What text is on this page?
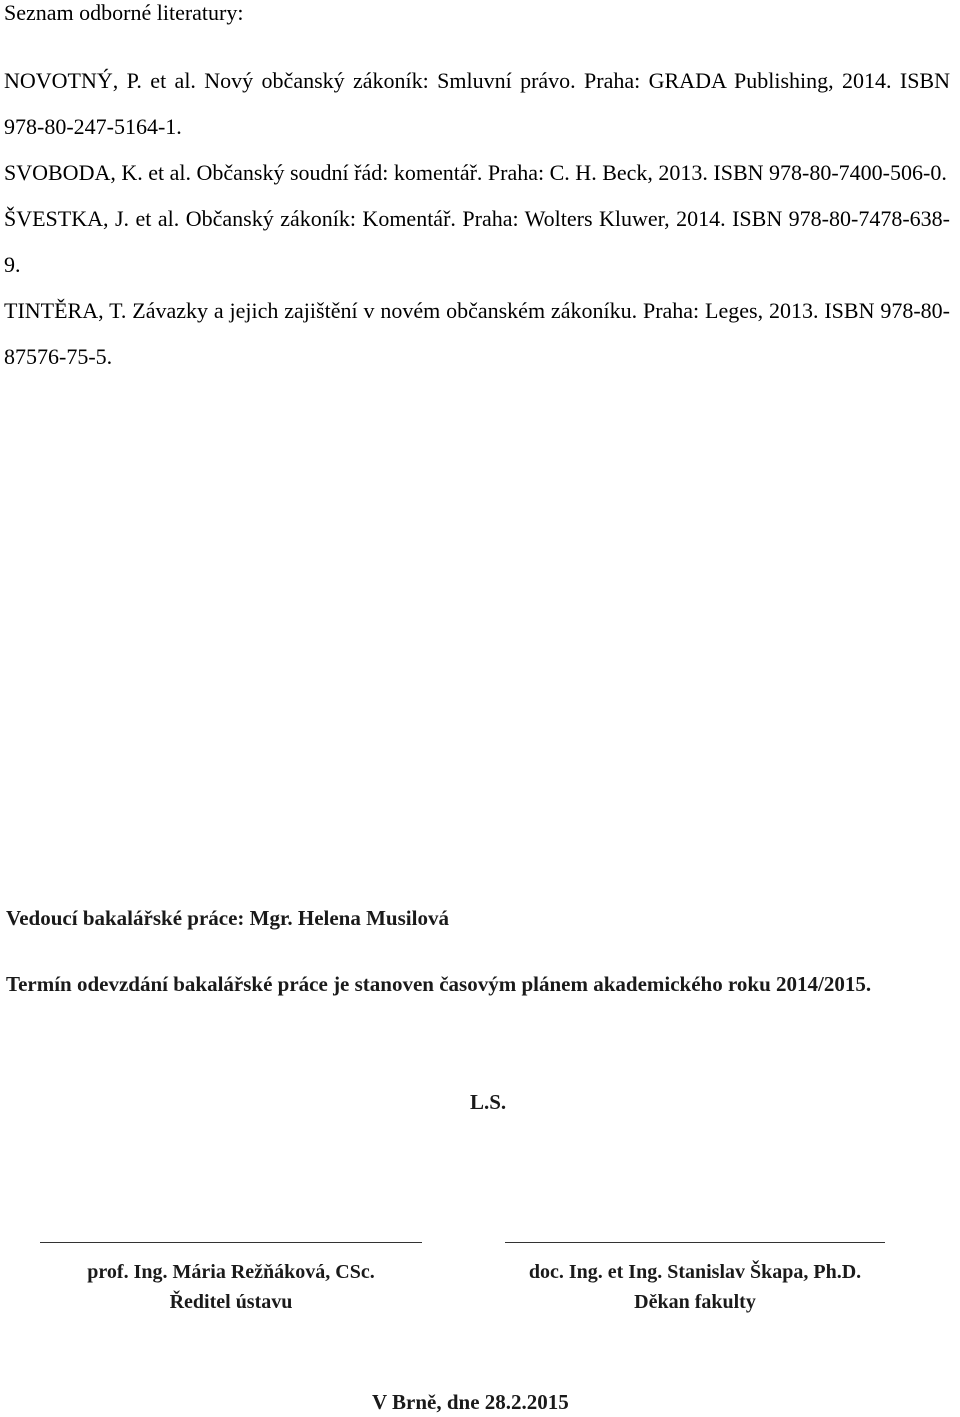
Seznam odborné literatury:

NOVOTNÝ, P. et al. Nový občanský zákoník: Smluvní právo. Praha: GRADA Publishing, 2014. ISBN 978-80-247-5164-1.

SVOBODA, K. et al. Občanský soudní řád: komentář. Praha: C. H. Beck, 2013. ISBN 978-80-7400-506-0.

ŠVESTKA, J. et al. Občanský zákoník: Komentář. Praha: Wolters Kluwer, 2014. ISBN 978-80-7478-638-9.

TINTĚRA, T. Závazky a jejich zajištění v novém občanském zákoníku. Praha: Leges, 2013. ISBN 978-80-87576-75-5.

Vedoucí bakalářské práce: Mgr. Helena Musilová
Termín odevzdání bakalářské práce je stanoven časovým plánem akademického roku 2014/2015.
L.S.
prof. Ing. Mária Režňáková, CSc.
Ředitel ústavu
doc. Ing. et Ing. Stanislav Škapa, Ph.D.
Děkan fakulty
V Brně, dne 28.2.2015
